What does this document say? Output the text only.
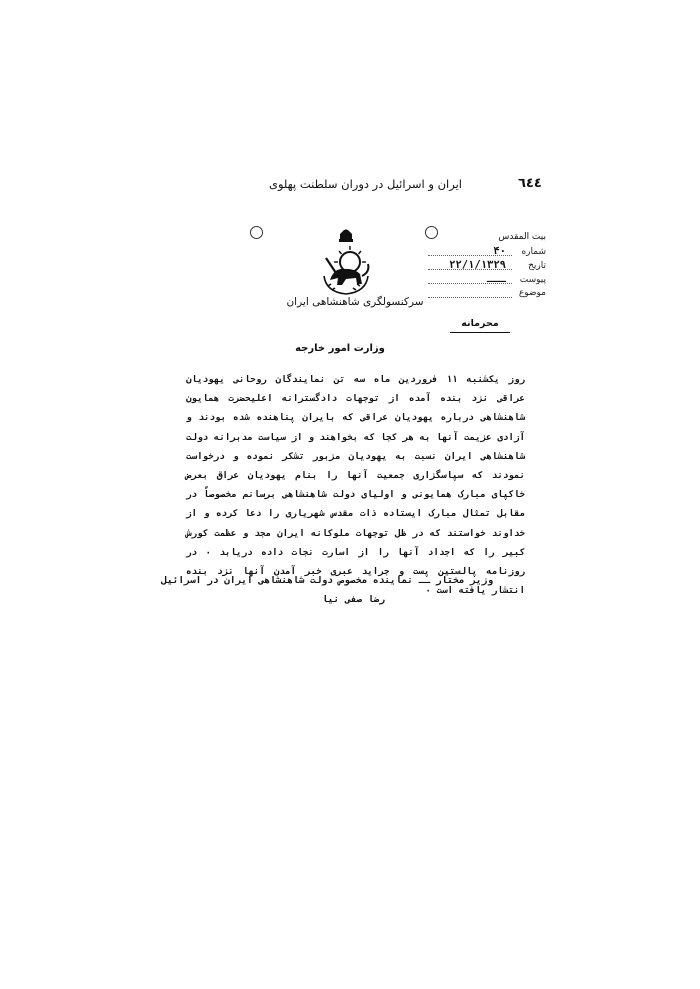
٦٤٤
ایران و اسرائیل در دوران سلطنت پهلوی
سرکنسولگری شاهنشاهی ایران
بیت المقدس
شماره۴۰
تاریخ۲۲/۱/۱۳۲۹
پیوستـــ
موضوع
محرمانه
وزارت امور خارجه
روز یکشنبه ۱۱ فروردین ماه سه تن نمایندگان روحانی یهودیان عراقی نزد بنده آمده از توجهات دادگسترانه اعلیحضرت همایون شاهنشاهی درباره یهودیان عراقی که بایران پناهنده شده بودند و آزادی عزیمت آنها به هر کجا که بخواهند و از سیاست مدبرانه دولت شاهنشاهی ایران نسبت به یهودیان مزبور تشکر نموده و درخواست نمودند که سپاسگزاری جمعیت آنها را بنام یهودیان عراق بعرض خاکپای مبارک همایونی و اولیای دولت شاهنشاهی برسانم مخصوصاً در مقابل تمثال مبارک ایستاده ذات مقدس شهریاری را دعا کرده و از خداوند خواستند که در ظل توجهات ملوکانه ایران مجد و عظمت کورش کبیر را که اجداد آنها را از اسارت نجات داده دریابد ۰ در روزنامه پالستین پست و جراید عبری خبر آمدن آنها نزد بنده انتشار یافته است ۰
وزیر مختار ــ نماینده مخصوص دولت شاهنشاهی ایران در اسرائیل
رضا صفی نیا
